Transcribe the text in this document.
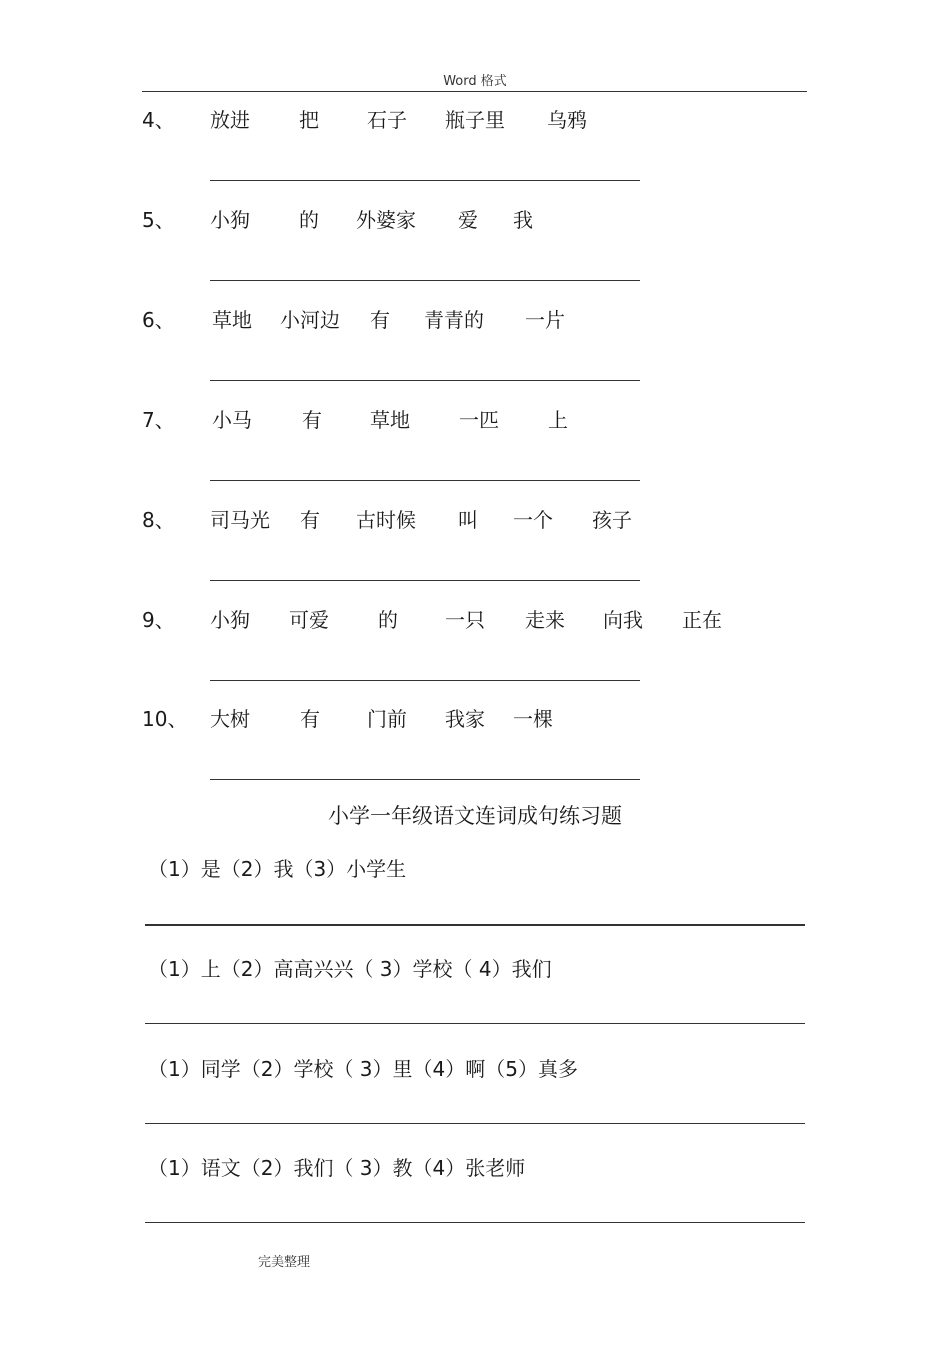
Word 格式
4、 放进 把 石子 瓶子里 乌鸦
5、 小狗 的 外婆家 爱 我
6、 草地 小河边 有 青青的 一片
7、 小马	有 草地 一匹 上
8、 司马光 有 古时候 叫 一个 孩子
9、 小狗 可爱 的 一只 走来 向我 正在
10、 大树	有 门前 我家 一棵
小学一年级语文连词成句练习题
（1）是（2）我（3）小学生
（1）上（2）高高兴兴（ 3）学校（ 4）我们
（1）同学（2）学校（ 3）里（4）啊（5）真多
（1）语文（2）我们（ 3）教（4）张老师
完美整理
